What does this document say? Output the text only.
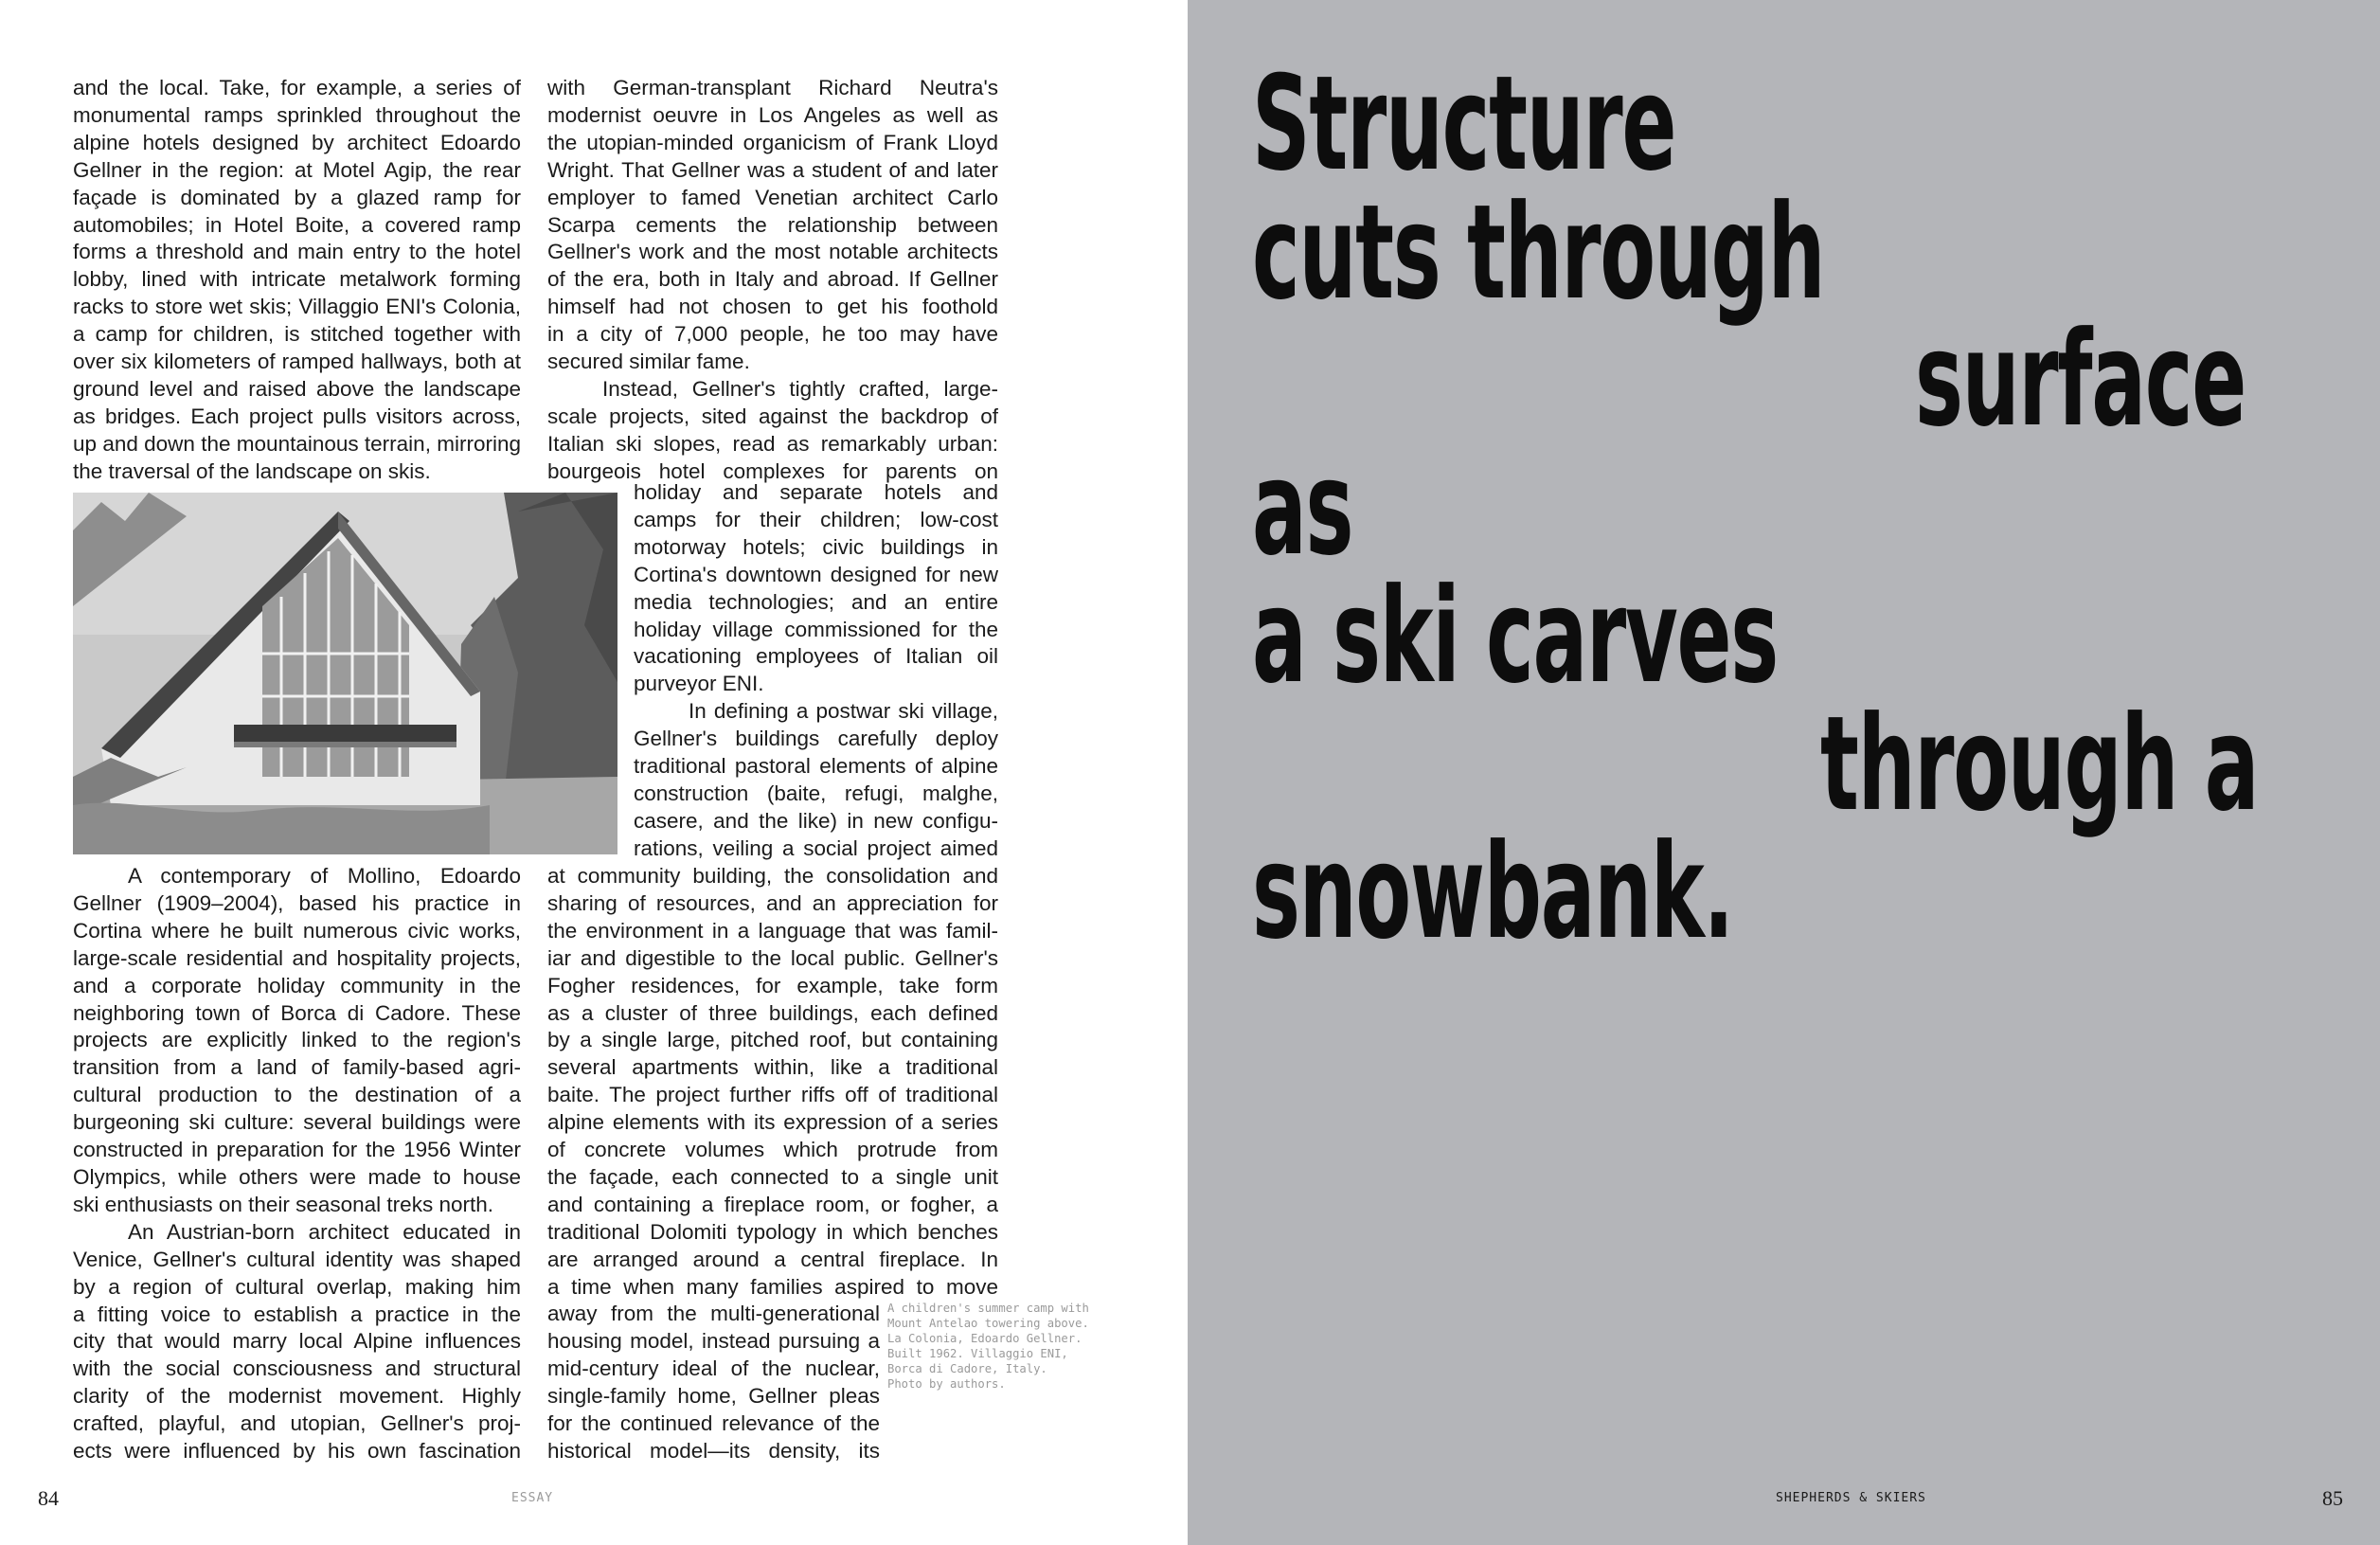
and the local. Take, for example, a series of
monumental ramps sprinkled throughout the
alpine hotels designed by architect Edoardo
Gellner in the region: at Motel Agip, the rear
façade is dominated by a glazed ramp for
automobiles; in Hotel Boite, a covered ramp
forms a threshold and main entry to the hotel
lobby, lined with intricate metalwork forming
racks to store wet skis; Villaggio ENI's Colonia,
a camp for children, is stitched together with
over six kilometers of ramped hallways, both at
ground level and raised above the landscape
as bridges. Each project pulls visitors across,
up and down the mountainous terrain, mirroring
the traversal of the landscape on skis.
A contemporary of Mollino, Edoardo
Gellner (1909–2004), based his practice in
Cortina where he built numerous civic works,
large-scale residential and hospitality projects,
and a corporate holiday community in the
neighboring town of Borca di Cadore. These
projects are explicitly linked to the region's
transition from a land of family-based agri-
cultural production to the destination of a
burgeoning ski culture: several buildings were
constructed in preparation for the 1956 Winter
Olympics, while others were made to house
ski enthusiasts on their seasonal treks north.
An Austrian-born architect educated in
Venice, Gellner's cultural identity was shaped
by a region of cultural overlap, making him
a fitting voice to establish a practice in the
city that would marry local Alpine influences
with the social consciousness and structural
clarity of the modernist movement. Highly
crafted, playful, and utopian, Gellner's proj-
ects were influenced by his own fascination
with German-transplant Richard Neutra's
modernist oeuvre in Los Angeles as well as
the utopian-minded organicism of Frank Lloyd
Wright. That Gellner was a student of and later
employer to famed Venetian architect Carlo
Scarpa cements the relationship between
Gellner's work and the most notable architects
of the era, both in Italy and abroad. If Gellner
himself had not chosen to get his foothold
in a city of 7,000 people, he too may have
secured similar fame.
Instead, Gellner's tightly crafted, large-
scale projects, sited against the backdrop of
Italian ski slopes, read as remarkably urban:
bourgeois hotel complexes for parents on
holiday and separate hotels and
camps for their children; low-cost
motorway hotels; civic buildings in
Cortina's downtown designed for new
media technologies; and an entire
holiday village commissioned for the
vacationing employees of Italian oil
purveyor ENI.
In defining a postwar ski village,
Gellner's buildings carefully deploy
traditional pastoral elements of alpine
construction (baite, refugi, malghe,
casere, and the like) in new configu-
rations, veiling a social project aimed
at community building, the consolidation and
sharing of resources, and an appreciation for
the environment in a language that was famil-
iar and digestible to the local public. Gellner's
Fogher residences, for example, take form
as a cluster of three buildings, each defined
by a single large, pitched roof, but containing
several apartments within, like a traditional
baite. The project further riffs off of traditional
alpine elements with its expression of a series
of concrete volumes which protrude from
the façade, each connected to a single unit
and containing a fireplace room, or fogher, a
traditional Dolomiti typology in which benches
are arranged around a central fireplace. In
a time when many families aspired to move
away from the multi-generational
housing model, instead pursuing a
mid-century ideal of the nuclear,
single-family home, Gellner pleas
for the continued relevance of the
historical model—its density, its
A children's summer camp with
Mount Antelao towering above.
La Colonia, Edoardo Gellner.
Built 1962. Villaggio ENI,
Borca di Cadore, Italy.
Photo by authors.
84	ESSAY
Structure
cuts through
surface
as
a ski carves
through a
snowbank.
SHEPHERDS & SKIERS	85
